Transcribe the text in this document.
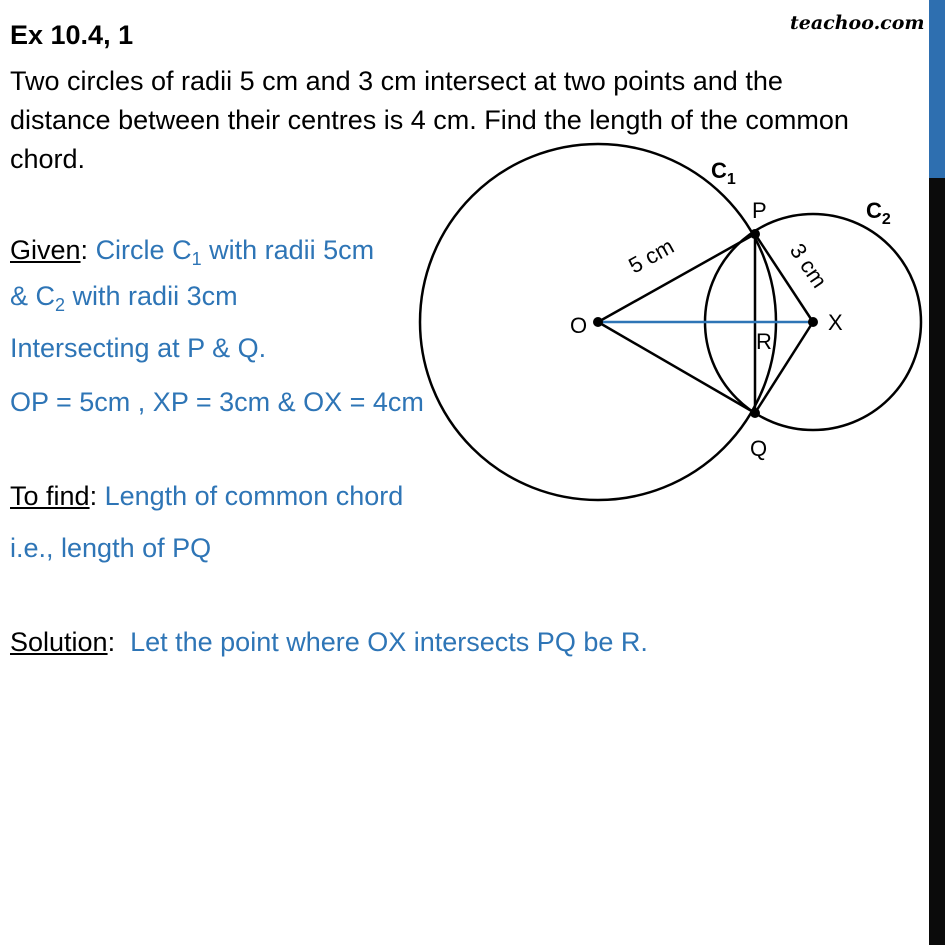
Ex 10.4, 1	teachoo.com
Two circles of radii 5 cm and 3 cm intersect at two points and the distance between their centres is 4 cm. Find the length of the common chord.
Given: Circle $C_1$ with radii 5cm
& $C_2$ with radii 3cm
Intersecting at P & Q.
OP = 5cm , XP = 3cm & OX = 4cm
To find: Length of common chord
i.e., length of PQ
Solution:  Let the point where OX intersects PQ be R.
$C_1$
$C_2$
P
Q
O	X
R
5 cm	3 cm
